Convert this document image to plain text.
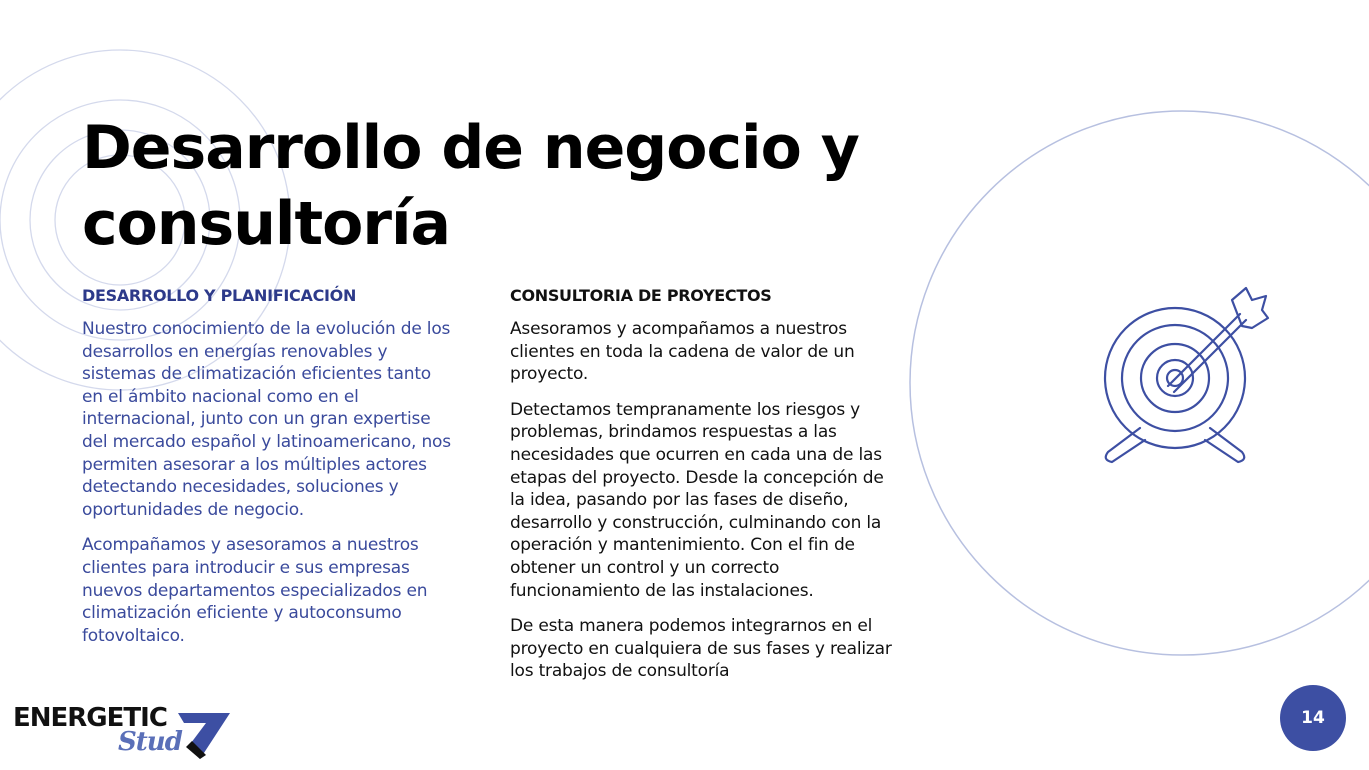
Desarrollo de negocio y
consultoría

DESARROLLO Y PLANIFICACIÓN

Nuestro conocimiento de la evolución de los desarrollos en energías renovables y sistemas de climatización eficientes tanto en el ámbito nacional como en el internacional, junto con un gran expertise del mercado español y latinoamericano, nos permiten asesorar a los múltiples actores detectando necesidades, soluciones y oportunidades de negocio.

Acompañamos y asesoramos a nuestros clientes para introducir e sus empresas nuevos departamentos especializados en climatización eficiente y autoconsumo fotovoltaico.

CONSULTORIA DE PROYECTOS

Asesoramos y acompañamos a nuestros clientes en toda la cadena de valor de un proyecto.

Detectamos tempranamente los riesgos y problemas, brindamos respuestas a las necesidades que ocurren en cada una de las etapas del proyecto. Desde la concepción de la idea, pasando por las fases de diseño, desarrollo y construcción, culminando con la operación y mantenimiento. Con el fin de obtener un control y un correcto funcionamiento de las instalaciones.

De esta manera podemos integrarnos en el proyecto en cualquiera de sus fases y realizar los trabajos de consultoría

ENERGETIC
Stud
14
